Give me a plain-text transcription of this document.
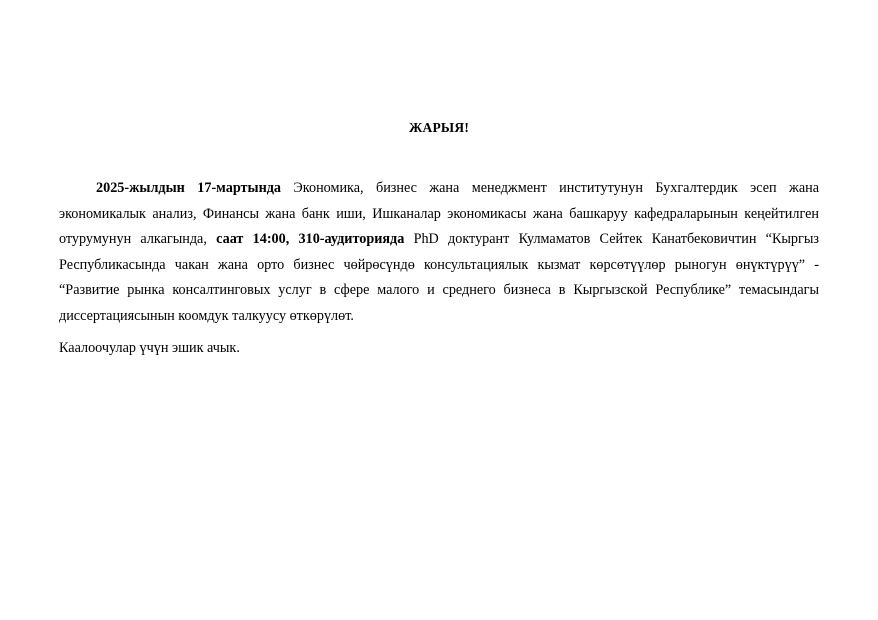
ЖАРЫЯ!

2025-жылдын 17-мартында Экономика, бизнес жана менеджмент институтунун Бухгалтердик эсеп жана экономикалык анализ, Финансы жана банк иши, Ишканалар экономикасы жана башкаруу кафедраларынын кеңейтилген отурумунун алкагында, саат 14:00, 310-аудиторияда PhD доктурант Кулмаматов Сейтек Канатбековичтин “Кыргыз Республикасында чакан жана орто бизнес чөйрөсүндө консультациялык кызмат көрсөтүүлөр рыногун өнүктүрүү” - “Развитие рынка консалтинговых услуг в сфере малого и среднего бизнеса в Кыргызской Республике” темасындагы диссертациясынын коомдук талкуусу өткөрүлөт.

Каалоочулар үчүн эшик ачык.
